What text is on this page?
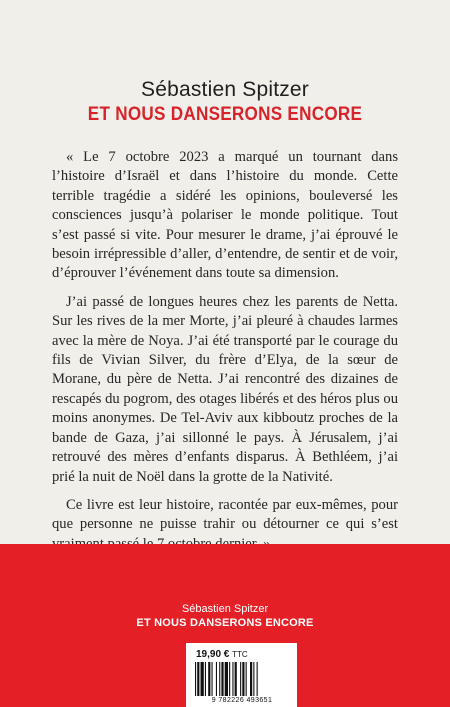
Sébastien Spitzer
ET NOUS DANSERONS ENCORE

« Le 7 octobre 2023 a marqué un tournant dans l’histoire d’Israël et dans l’histoire du monde. Cette terrible tragédie a sidéré les opinions, bouleversé les consciences jusqu’à polariser le monde politique. Tout s’est passé si vite. Pour mesurer le drame, j’ai éprouvé le besoin irrépressible d’aller, d’entendre, de sentir et de voir, d’éprouver l’événement dans toute sa dimension.

J’ai passé de longues heures chez les parents de Netta. Sur les rives de la mer Morte, j’ai pleuré à chaudes larmes avec la mère de Noya. J’ai été transporté par le courage du fils de Vivian Silver, du frère d’Elya, de la sœur de Morane, du père de Netta. J’ai rencontré des dizaines de rescapés du pogrom, des otages libérés et des héros plus ou moins anonymes. De Tel-Aviv aux kibboutz proches de la bande de Gaza, j’ai sillonné le pays. À Jérusalem, j’ai retrouvé des mères d’enfants disparus. À Bethléem, j’ai prié la nuit de Noël dans la grotte de la Nativité.

Ce livre est leur histoire, racontée par eux-mêmes, pour que personne ne puisse trahir ou détourner ce qui s’est

Sébastien Spitzer
ET NOUS DANSERONS ENCORE
19,90 € TTC
9 782226 493651
